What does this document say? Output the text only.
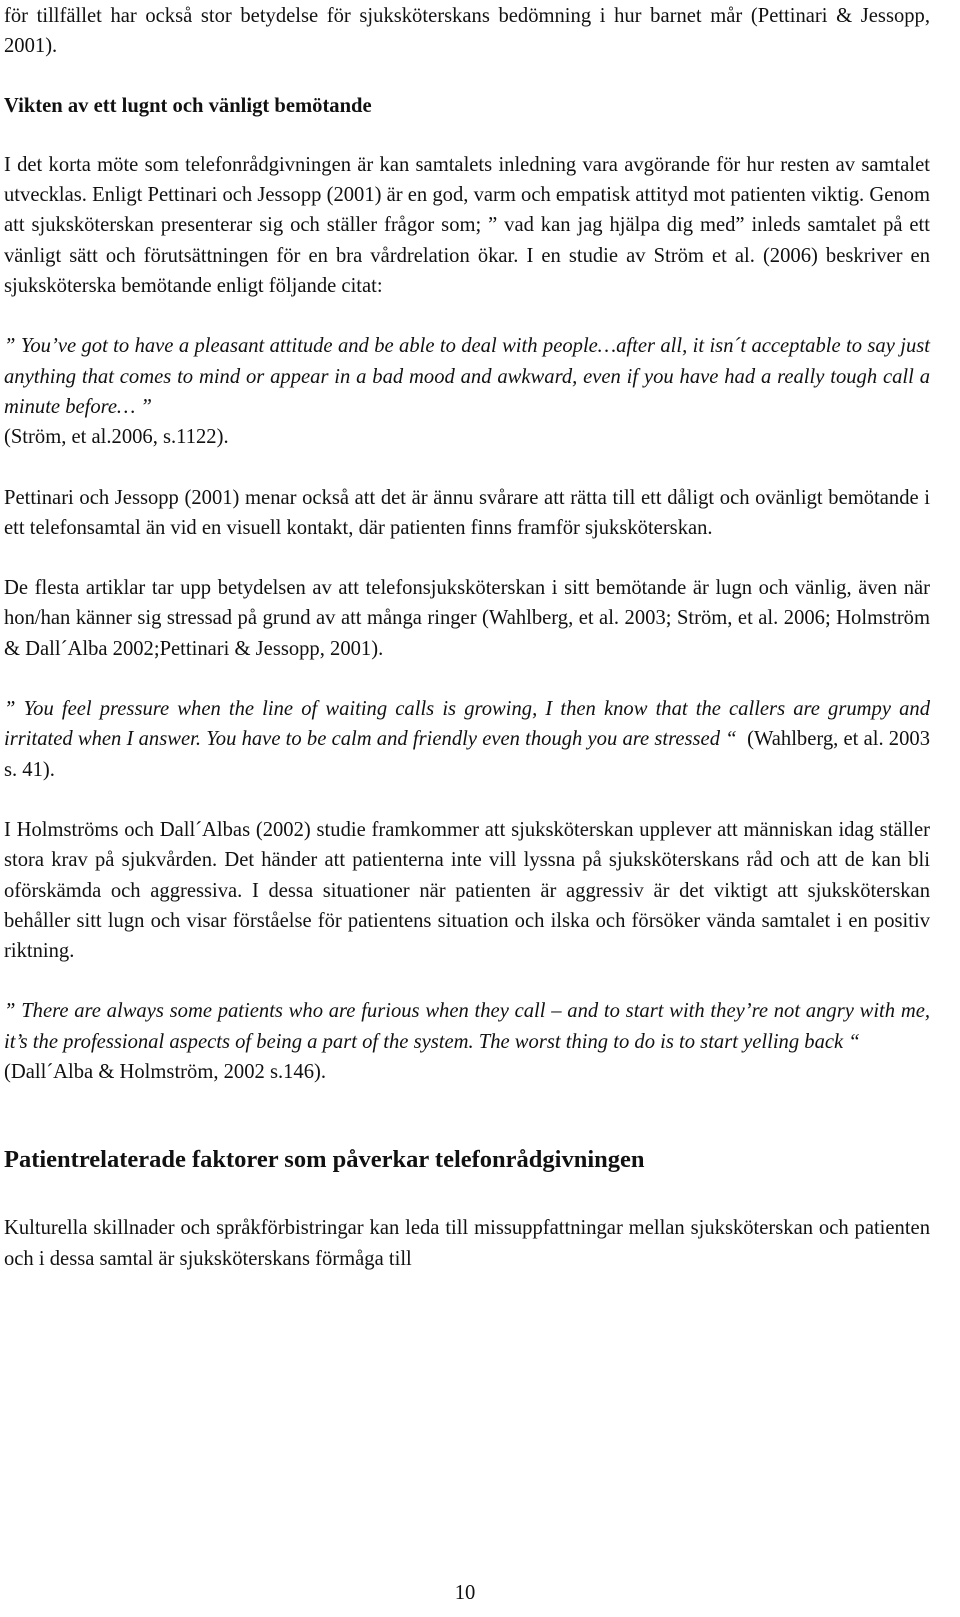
för tillfället har också stor betydelse för sjuksköterskans bedömning i hur barnet mår (Pettinari & Jessopp, 2001).

Vikten av ett lugnt och vänligt bemötande

I det korta möte som telefonrådgivningen är kan samtalets inledning vara avgörande för hur resten av samtalet utvecklas. Enligt Pettinari och Jessopp (2001) är en god, varm och empatisk attityd mot patienten viktig. Genom att sjuksköterskan presenterar sig och ställer frågor som; ” vad kan jag hjälpa dig med” inleds samtalet på ett vänligt sätt och förutsättningen för en bra vårdrelation ökar. I en studie av Ström et al. (2006) beskriver en sjuksköterska bemötande enligt följande citat:

” You’ve got to have a pleasant attitude and be able to deal with people…after all, it isn´t acceptable to say just anything that comes to mind or appear in a bad mood and awkward, even if you have had a really tough call a minute before… ”
(Ström, et al.2006, s.1122).

Pettinari och Jessopp (2001) menar också att det är ännu svårare att rätta till ett dåligt och ovänligt bemötande i ett telefonsamtal än vid en visuell kontakt, där patienten finns framför sjuksköterskan.

De flesta artiklar tar upp betydelsen av att telefonsjuksköterskan i sitt bemötande är lugn och vänlig, även när hon/han känner sig stressad på grund av att många ringer (Wahlberg, et al. 2003; Ström, et al. 2006; Holmström & Dall´Alba 2002;Pettinari & Jessopp, 2001).

” You feel pressure when the line of waiting calls is growing, I then know that the callers are grumpy and irritated when I answer. You have to be calm and friendly even though you are stressed “ (Wahlberg, et al. 2003 s. 41).

I Holmströms och Dall´Albas (2002) studie framkommer att sjuksköterskan upplever att människan idag ställer stora krav på sjukvården. Det händer att patienterna inte vill lyssna på sjuksköterskans råd och att de kan bli oförskämda och aggressiva. I dessa situationer när patienten är aggressiv är det viktigt att sjuksköterskan behåller sitt lugn och visar förståelse för patientens situation och ilska och försöker vända samtalet i en positiv riktning.

” There are always some patients who are furious when they call – and to start with they’re not angry with me, it’s the professional aspects of being a part of the system. The worst thing to do is to start yelling back “
(Dall´Alba & Holmström, 2002 s.146).

Patientrelaterade faktorer som påverkar telefonrådgivningen

Kulturella skillnader och språkförbistringar kan leda till missuppfattningar mellan sjuksköterskan och patienten och i dessa samtal är sjuksköterskans förmåga till

10
